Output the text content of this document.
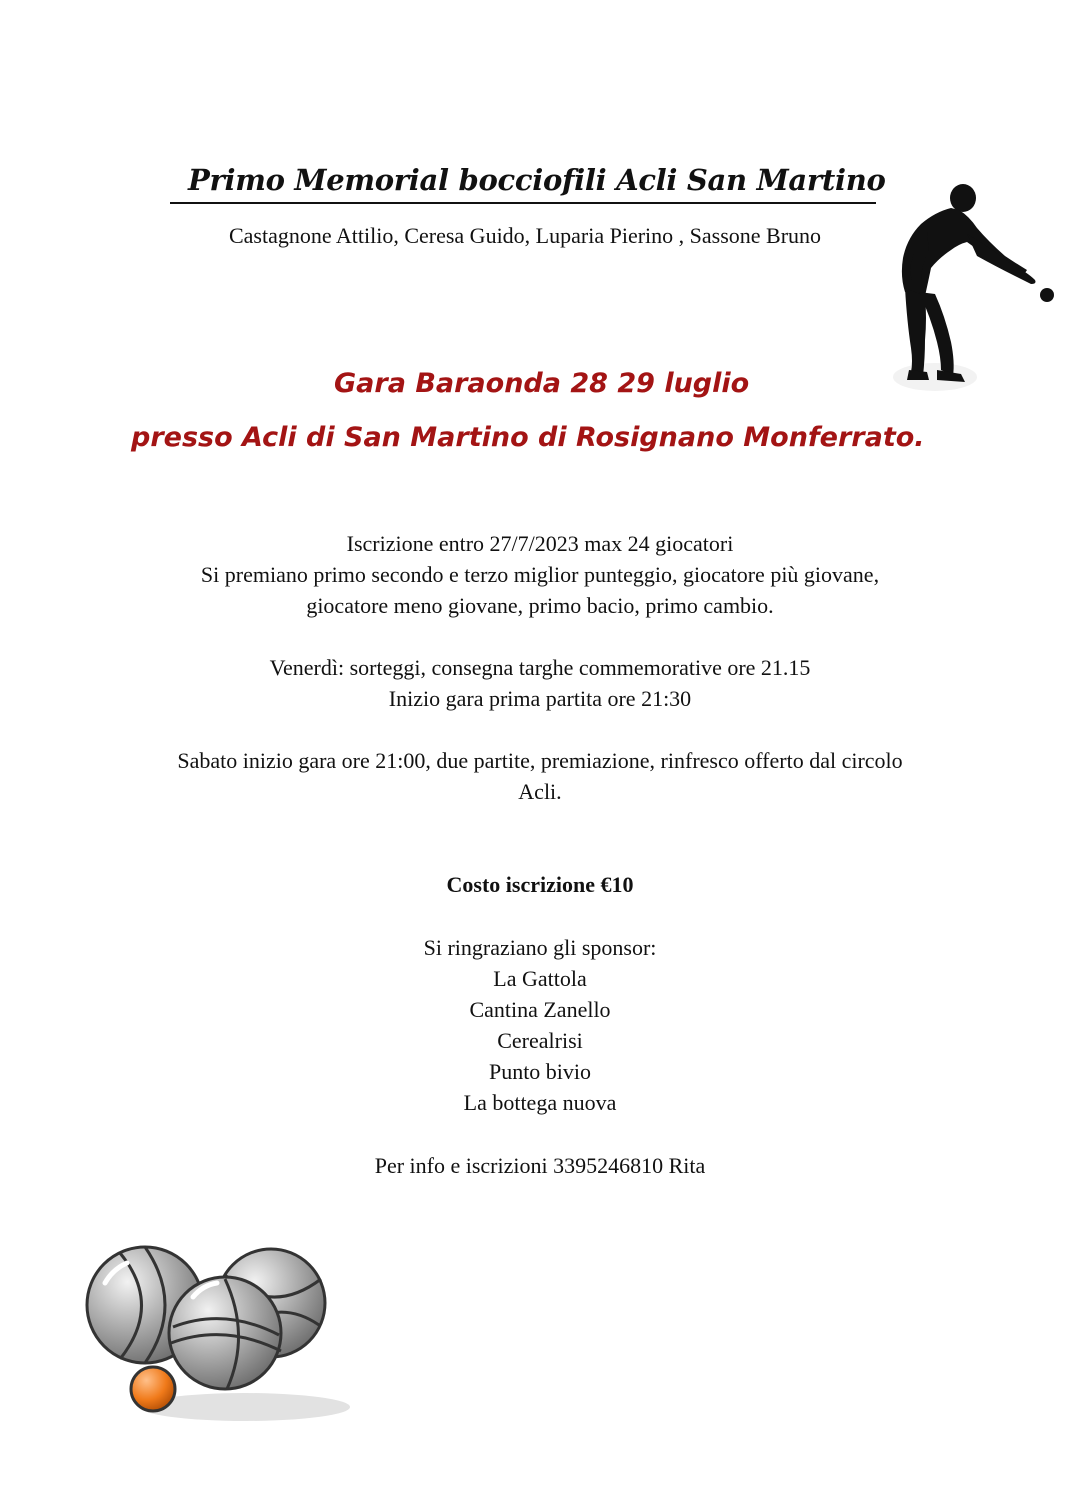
Primo Memorial bocciofili Acli San Martino
Castagnone Attilio, Ceresa Guido, Luparia Pierino , Sassone Bruno
Gara Baraonda 28 29 luglio
presso Acli di San Martino di Rosignano Monferrato.

Iscrizione entro 27/7/2023 max 24 giocatori

Si premiano primo secondo e terzo miglior punteggio, giocatore più giovane,

giocatore meno giovane, primo bacio, primo cambio.

Venerdì: sorteggi, consegna targhe commemorative ore 21.15

Inizio gara prima partita ore 21:30

Sabato inizio gara ore 21:00, due partite, premiazione, rinfresco offerto dal circolo

Acli.

Costo iscrizione €10

Si ringraziano gli sponsor:

La Gattola

Cantina Zanello

Cerealrisi

Punto bivio

La bottega nuova

Per info e iscrizioni 3395246810 Rita
